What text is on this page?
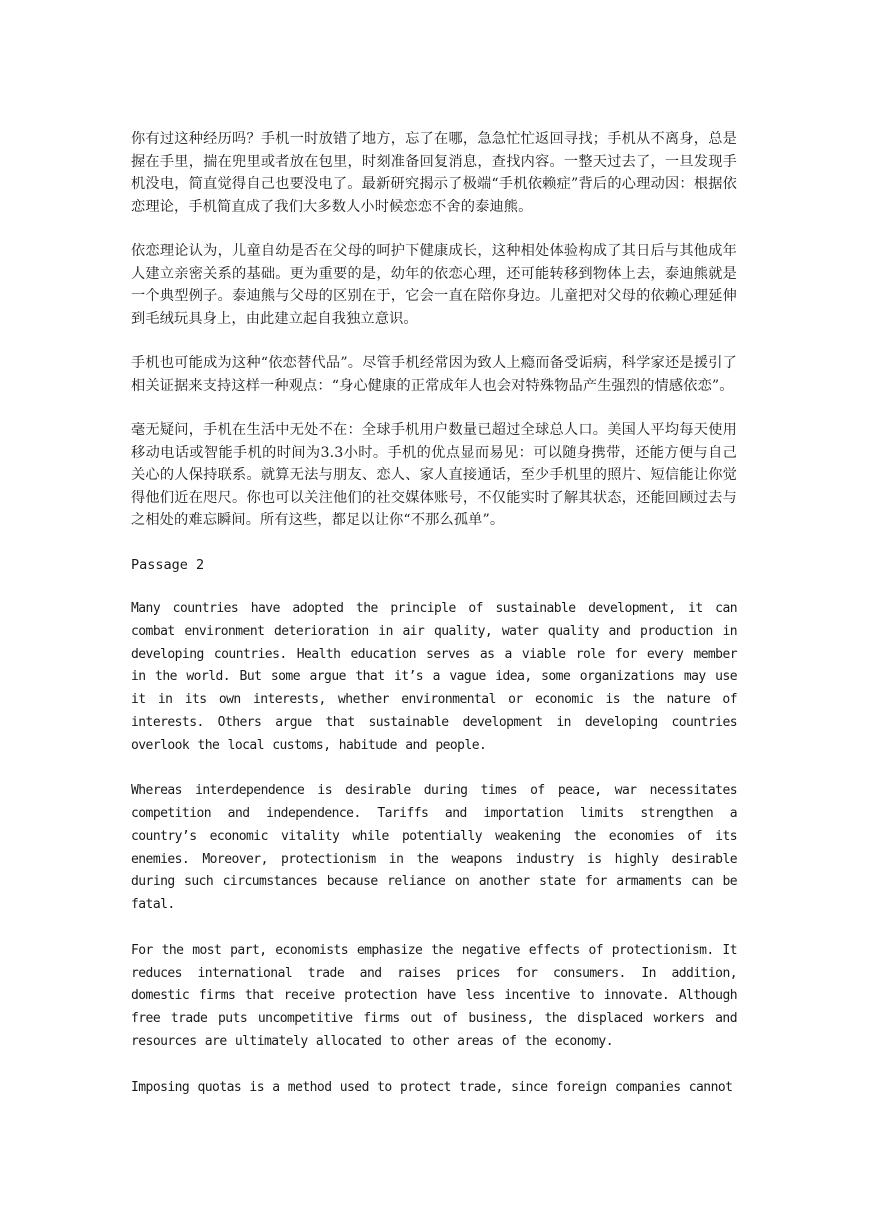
你有过这种经历吗？手机一时放错了地方，忘了在哪，急急忙忙返回寻找；手机从不离身，总是握在手里，揣在兜里或者放在包里，时刻准备回复消息，查找内容。一整天过去了，一旦发现手机没电，简直觉得自己也要没电了。最新研究揭示了极端“手机依赖症”背后的心理动因：根据依恋理论，手机简直成了我们大多数人小时候恋恋不舍的泰迪熊。

依恋理论认为，儿童自幼是否在父母的呵护下健康成长，这种相处体验构成了其日后与其他成年人建立亲密关系的基础。更为重要的是，幼年的依恋心理，还可能转移到物体上去，泰迪熊就是一个典型例子。泰迪熊与父母的区别在于，它会一直在陪你身边。儿童把对父母的依赖心理延伸到毛绒玩具身上，由此建立起自我独立意识。

手机也可能成为这种“依恋替代品”。尽管手机经常因为致人上瘾而备受诟病，科学家还是援引了相关证据来支持这样一种观点：“身心健康的正常成年人也会对特殊物品产生强烈的情感依恋”。

毫无疑问，手机在生活中无处不在：全球手机用户数量已超过全球总人口。美国人平均每天使用移动电话或智能手机的时间为3.3小时。手机的优点显而易见：可以随身携带，还能方便与自己关心的人保持联系。就算无法与朋友、恋人、家人直接通话，至少手机里的照片、短信能让你觉得他们近在咫尺。你也可以关注他们的社交媒体账号，不仅能实时了解其状态，还能回顾过去与之相处的难忘瞬间。所有这些，都足以让你“不那么孤单”。

Passage 2

Many countries have adopted the principle of sustainable development, it can combat environment deterioration in air quality, water quality and production in developing countries. Health education serves as a viable role for every member in the world. But some argue that it’s a vague idea, some organizations may use it in its own interests, whether environmental or economic is the nature of interests. Others argue that sustainable development in developing countries overlook the local customs, habitude and people.

Whereas interdependence is desirable during times of peace, war necessitates competition and independence. Tariffs and importation limits strengthen a country’s economic vitality while potentially weakening the economies of its enemies. Moreover, protectionism in the weapons industry is highly desirable during such circumstances because reliance on another state for armaments can be fatal.

For the most part, economists emphasize the negative effects of protectionism. It reduces international trade and raises prices for consumers. In addition, domestic firms that receive protection have less incentive to innovate. Although free trade puts uncompetitive firms out of business, the displaced workers and resources are ultimately allocated to other areas of the economy.

Imposing quotas is a method used to protect trade, since foreign companies cannot
